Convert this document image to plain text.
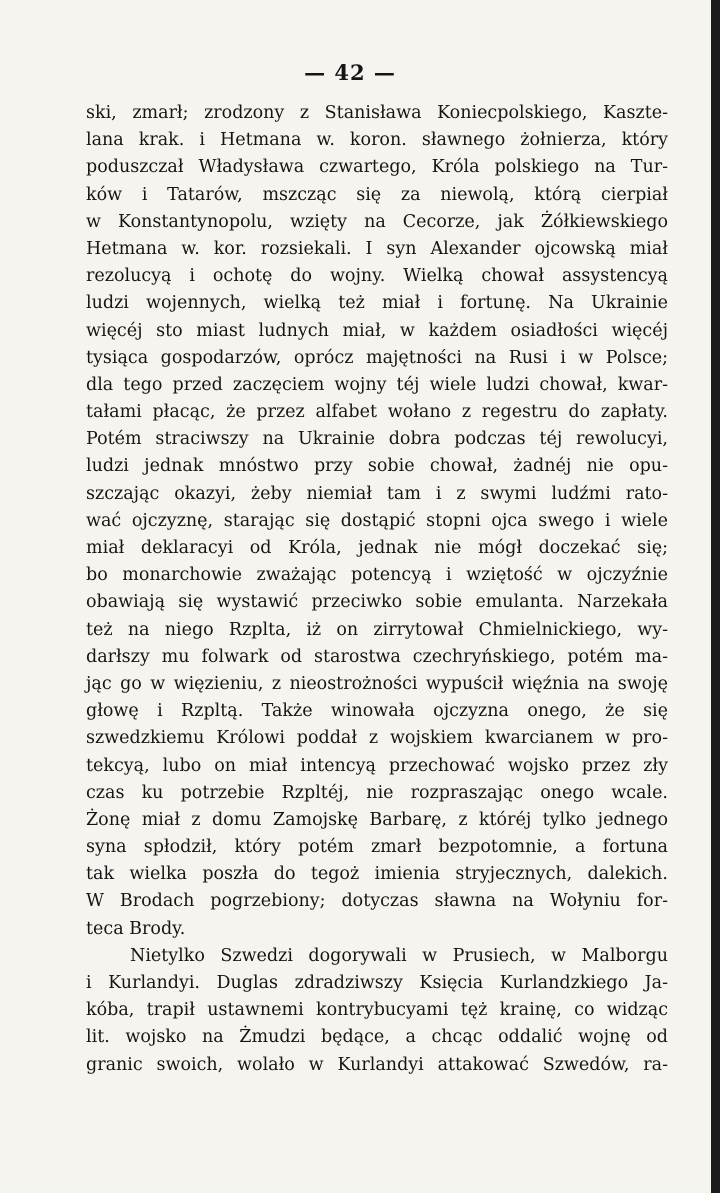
— 42 —
ski, zmarł; zrodzony z Stanisława Koniecpolskiego, Kaszte-
lana krak. i Hetmana w. koron. sławnego żołnierza, który
poduszczał Władysława czwartego, Króla polskiego na Tur-
ków i Tatarów, mszcząc się za niewolą, którą cierpiał
w Konstantynopolu, wzięty na Cecorze, jak Żółkiewskiego
Hetmana w. kor. rozsiekali. I syn Alexander ojcowską miał
rezolucyą i ochotę do wojny. Wielką chował assystencyą
ludzi wojennych, wielką też miał i fortunę. Na Ukrainie
więcéj sto miast ludnych miał, w każdem osiadłości więcéj
tysiąca gospodarzów, oprócz majętności na Rusi i w Polsce;
dla tego przed zaczęciem wojny téj wiele ludzi chował, kwar-
tałami płacąc, że przez alfabet wołano z regestru do zapłaty.
Potém straciwszy na Ukrainie dobra podczas téj rewolucyi,
ludzi jednak mnóstwo przy sobie chował, żadnéj nie opu-
szczając okazyi, żeby niemiał tam i z swymi ludźmi rato-
wać ojczyznę, starając się dostąpić stopni ojca swego i wiele
miał deklaracyi od Króla, jednak nie mógł doczekać się;
bo monarchowie zważając potencyą i wziętość w ojczyźnie
obawiają się wystawić przeciwko sobie emulanta. Narzekała
też na niego Rzplta, iż on zirrytował Chmielnickiego, wy-
darłszy mu folwark od starostwa czechryńskiego, potém ma-
jąc go w więzieniu, z nieostrożności wypuścił więźnia na swoję
głowę i Rzpltą. Także winowała ojczyzna onego, że się
szwedzkiemu Królowi poddał z wojskiem kwarcianem w pro-
tekcyą, lubo on miał intencyą przechować wojsko przez zły
czas ku potrzebie Rzpltéj, nie rozpraszając onego wcale.
Żonę miał z domu Zamojskę Barbarę, z któréj tylko jednego
syna spłodził, który potém zmarł bezpotomnie, a fortuna
tak wielka poszła do tegoż imienia stryjecznych, dalekich.
W Brodach pogrzebiony; dotyczas sławna na Wołyniu for-
teca Brody.
Nietylko Szwedzi dogorywali w Prusiech, w Malborgu
i Kurlandyi. Duglas zdradziwszy Księcia Kurlandzkiego Ja-
kóba, trapił ustawnemi kontrybucyami tęż krainę, co widząc
lit. wojsko na Żmudzi będące, a chcąc oddalić wojnę od
granic swoich, wolało w Kurlandyi attakować Szwedów, ra-
